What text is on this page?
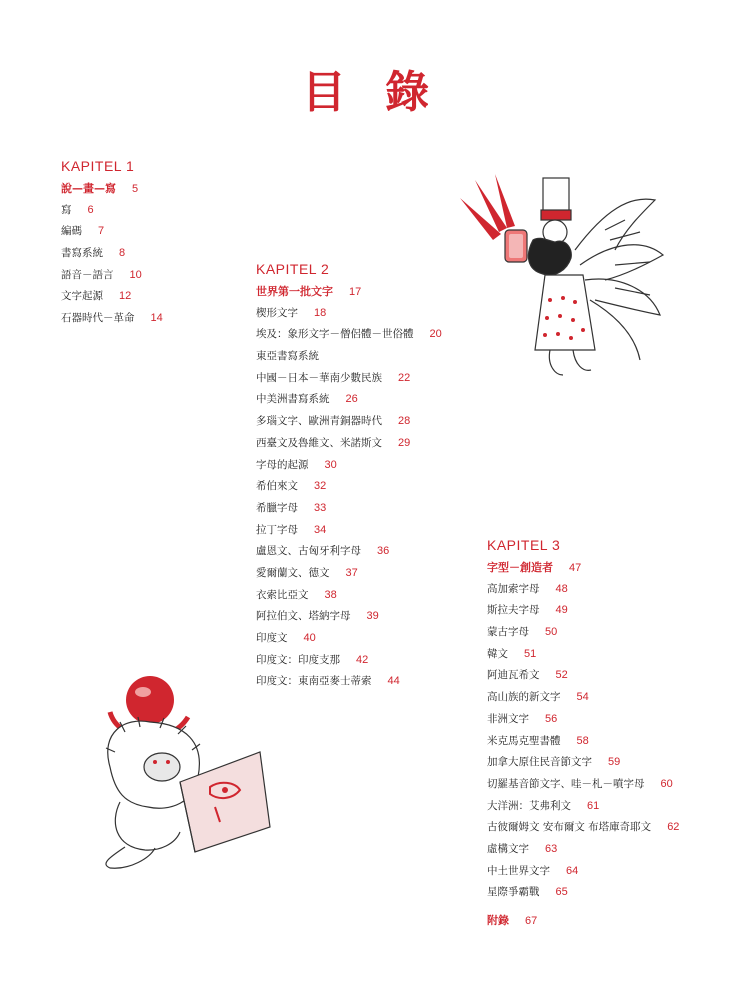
目 錄
KAPITEL 1
說—畫—寫 5
寫 6
編碼 7
書寫系統 8
語音－語言 10
文字起源 12
石器時代－革命 14
KAPITEL 2
世界第一批文字 17
楔形文字 18
埃及：象形文字－僧侶體－世俗體 20
東亞書寫系統
中國－日本－華南少數民族 22
中美洲書寫系統 26
多瑙文字、歐洲青銅器時代 28
西臺文及魯維文、米諾斯文 29
字母的起源 30
希伯來文 32
希臘字母 33
拉丁字母 34
盧恩文、古匈牙利字母 36
愛爾蘭文、德文 37
衣索比亞文 38
阿拉伯文、塔納字母 39
印度文 40
印度文：印度支那 42
印度文：東南亞麥士蒂索 44
KAPITEL 3
字型－創造者 47
高加索字母 48
斯拉夫字母 49
蒙古字母 50
韓文 51
阿迪瓦希文 52
高山族的新文字 54
非洲文字 56
米克馬克聖書體 58
加拿大原住民音節文字 59
切羅基音節文字、哇－札－噴字母 60
大洋洲：艾弗利文 61
古彼爾姆文 安布爾文 布塔庫奇耶文 62
虛構文字 63
中土世界文字 64
星際爭霸戰 65
附錄 67
